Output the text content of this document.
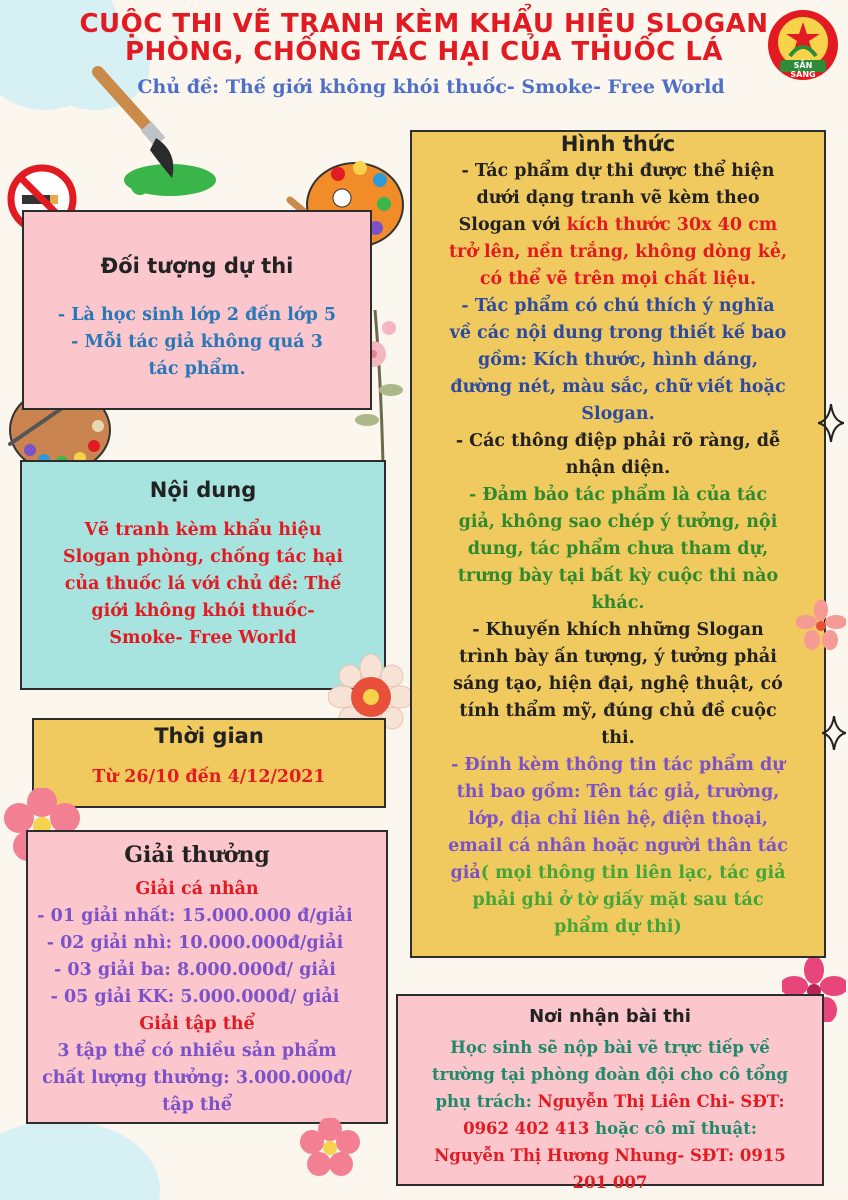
CUỘC THI VẼ TRANH KÈM KHẨU HIỆU SLOGAN
PHÒNG, CHỐNG TÁC HẠI CỦA THUỐC LÁ
Chủ đề: Thế giới không khói thuốc- Smoke- Free World
SẴN SÀNG
Đối tượng dự thi
- Là học sinh lớp 2 đến lớp 5
- Mỗi tác giả không quá 3
tác phẩm.
Nội dung
Vẽ tranh kèm khẩu hiệu
Slogan phòng, chống tác hại
của thuốc lá với chủ đề: Thế
giới không khói thuốc-
Smoke- Free World
Thời gian
Từ 26/10 đến 4/12/2021
Giải thưởng
Giải cá nhân
- 01 giải nhất: 15.000.000 đ/giải
- 02 giải nhì: 10.000.000đ/giải
- 03 giải ba: 8.000.000đ/ giải
- 05 giải KK: 5.000.000đ/ giải
Giải tập thể
3 tập thể có nhiều sản phẩm
chất lượng thưởng: 3.000.000đ/
tập thể
Hình thức
- Tác phẩm dự thi được thể hiện
dưới dạng tranh vẽ kèm theo
Slogan với kích thước 30x 40 cm
trở lên, nền trắng, không dòng kẻ,
có thể vẽ trên mọi chất liệu.
- Tác phẩm có chú thích ý nghĩa
về các nội dung trong thiết kế bao
gồm: Kích thước, hình dáng,
đường nét, màu sắc, chữ viết hoặc
Slogan.
- Các thông điệp phải rõ ràng, dễ
nhận diện.
- Đảm bảo tác phẩm là của tác
giả, không sao chép ý tưởng, nội
dung, tác phẩm chưa tham dự,
trưng bày tại bất kỳ cuộc thi nào
khác.
- Khuyến khích những Slogan
trình bày ấn tượng, ý tưởng phải
sáng tạo, hiện đại, nghệ thuật, có
tính thẩm mỹ, đúng chủ đề cuộc
thi.
- Đính kèm thông tin tác phẩm dự
thi bao gồm: Tên tác giả, trường,
lớp, địa chỉ liên hệ, điện thoại,
email cá nhân hoặc người thân tác
giả( mọi thông tin liên lạc, tác giả
phải ghi ở tờ giấy mặt sau tác
phẩm dự thi)
Nơi nhận bài thi
Học sinh sẽ nộp bài vẽ trực tiếp về
trường tại phòng đoàn đội cho cô tổng
phụ trách: Nguyễn Thị Liên Chi- SĐT:
0962 402 413 hoặc cô mĩ thuật:
Nguyễn Thị Hương Nhung- SĐT: 0915
201 007
